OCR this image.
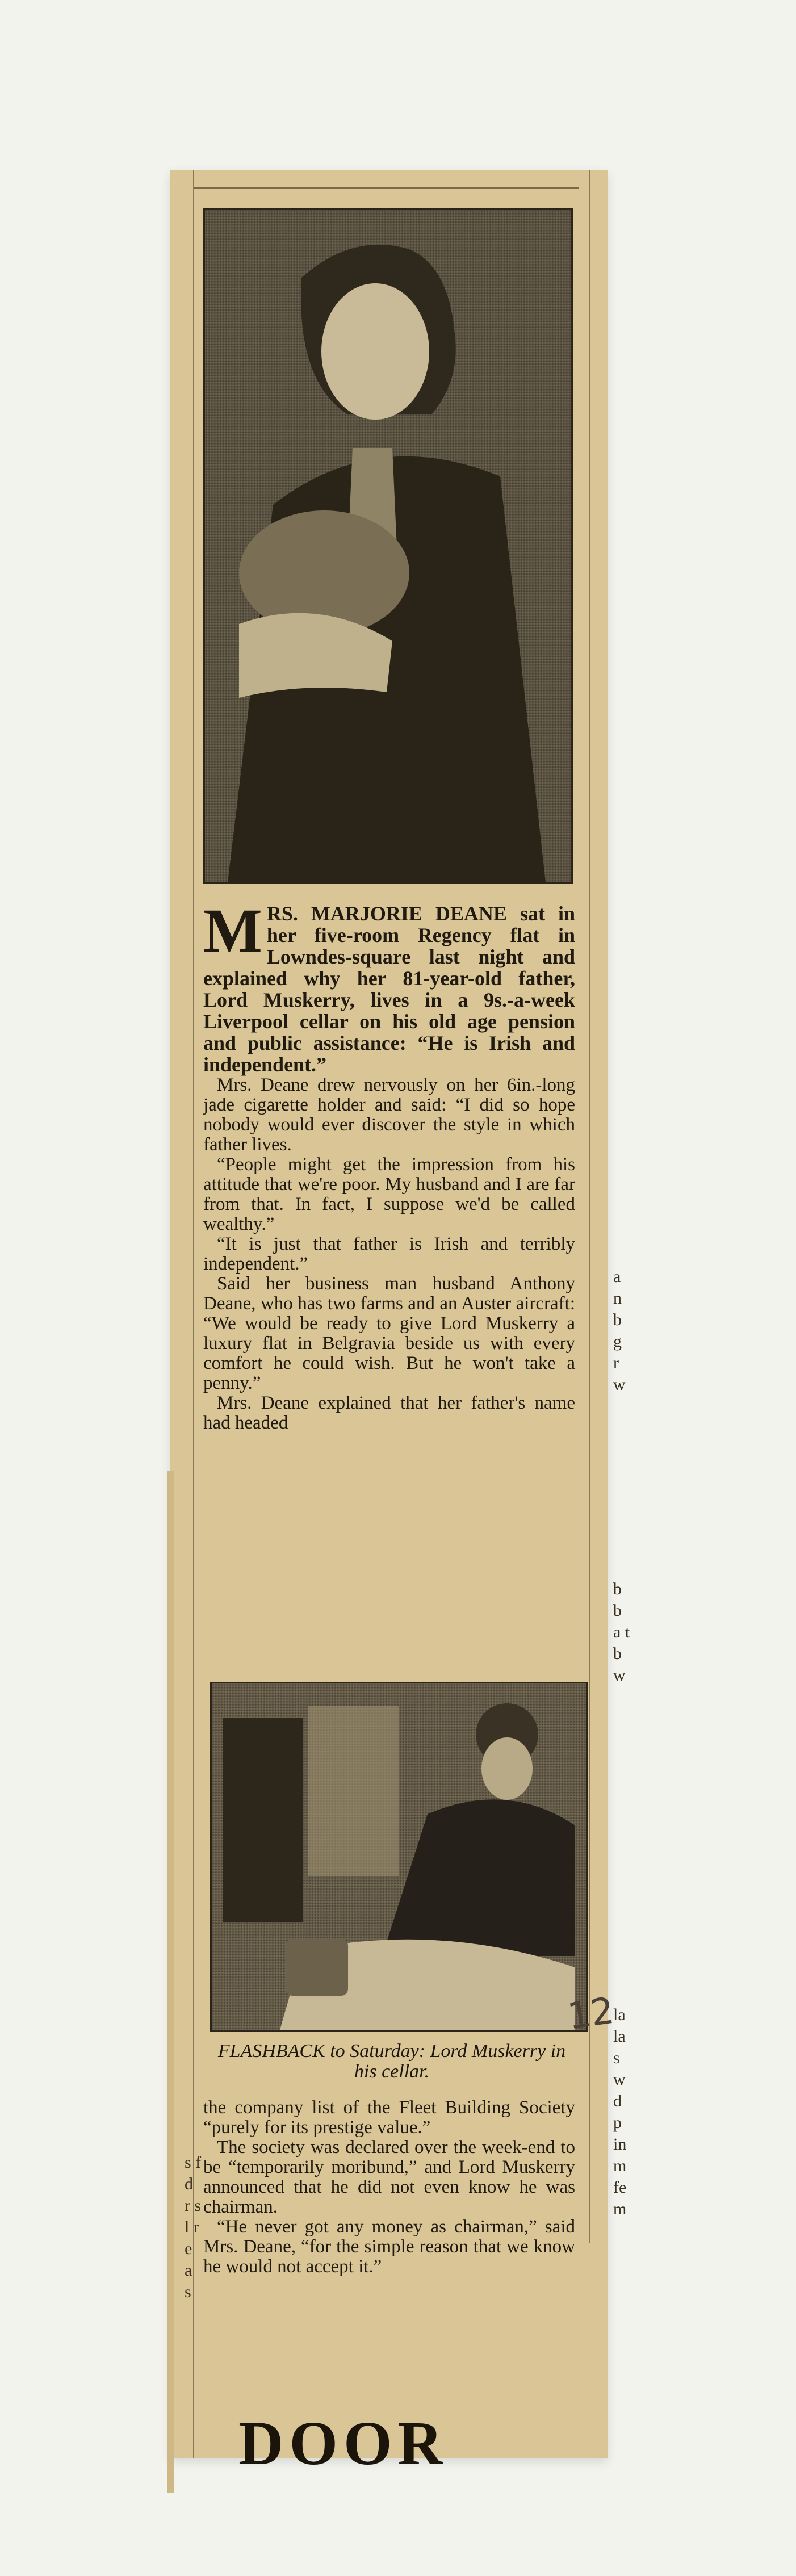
M RS. MARJORIE DEANE sat in her five-room Regency flat in Lowndes-square last night and explained why her 81-year-old father, Lord Muskerry, lives in a 9s.-a-week Liverpool cellar on his old age pension and public assistance: “He is Irish and independent.”

Mrs. Deane drew nervously on her 6in.-long jade cigarette holder and said: “I did so hope nobody would ever discover the style in which father lives.

“People might get the impression from his attitude that we're poor. My husband and I are far from that. In fact, I suppose we'd be called wealthy.”

“It is just that father is Irish and terribly independent.”

Said her business man husband Anthony Deane, who has two farms and an Auster aircraft: “We would be ready to give Lord Muskerry a luxury flat in Belgravia beside us with every comfort he could wish. But he won't take a penny.”

Mrs. Deane explained that her father's name had headed

FLASHBACK to Saturday: Lord Muskerry in his cellar.
12

the company list of the Fleet Building Society “purely for its prestige value.”

The society was declared over the week-end to be “temporarily moribund,” and Lord Muskerry announced that he did not even know he was chairman.

“He never got any money as chairman,” said Mrs. Deane, “for the simple reason that we know he would not accept it.”

DOOR
s f d r s l r e a s
a n b g r w
b b a t b w
la la s w d p in m fe m
